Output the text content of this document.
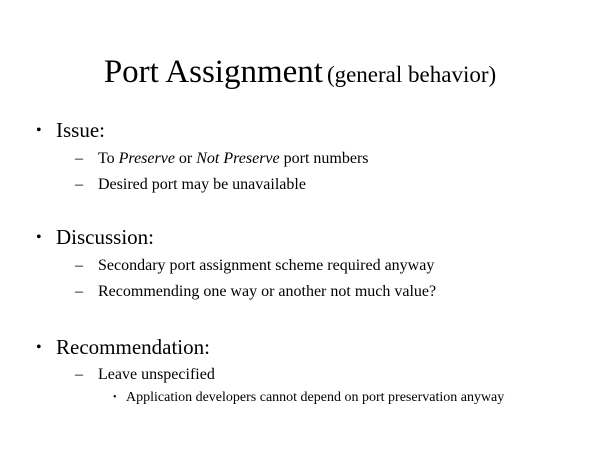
Port Assignment (general behavior)
• Issue:
– To Preserve or Not Preserve port numbers
– Desired port may be unavailable
• Discussion:
– Secondary port assignment scheme required anyway
– Recommending one way or another not much value?
• Recommendation:
– Leave unspecified
• Application developers cannot depend on port preservation anyway
